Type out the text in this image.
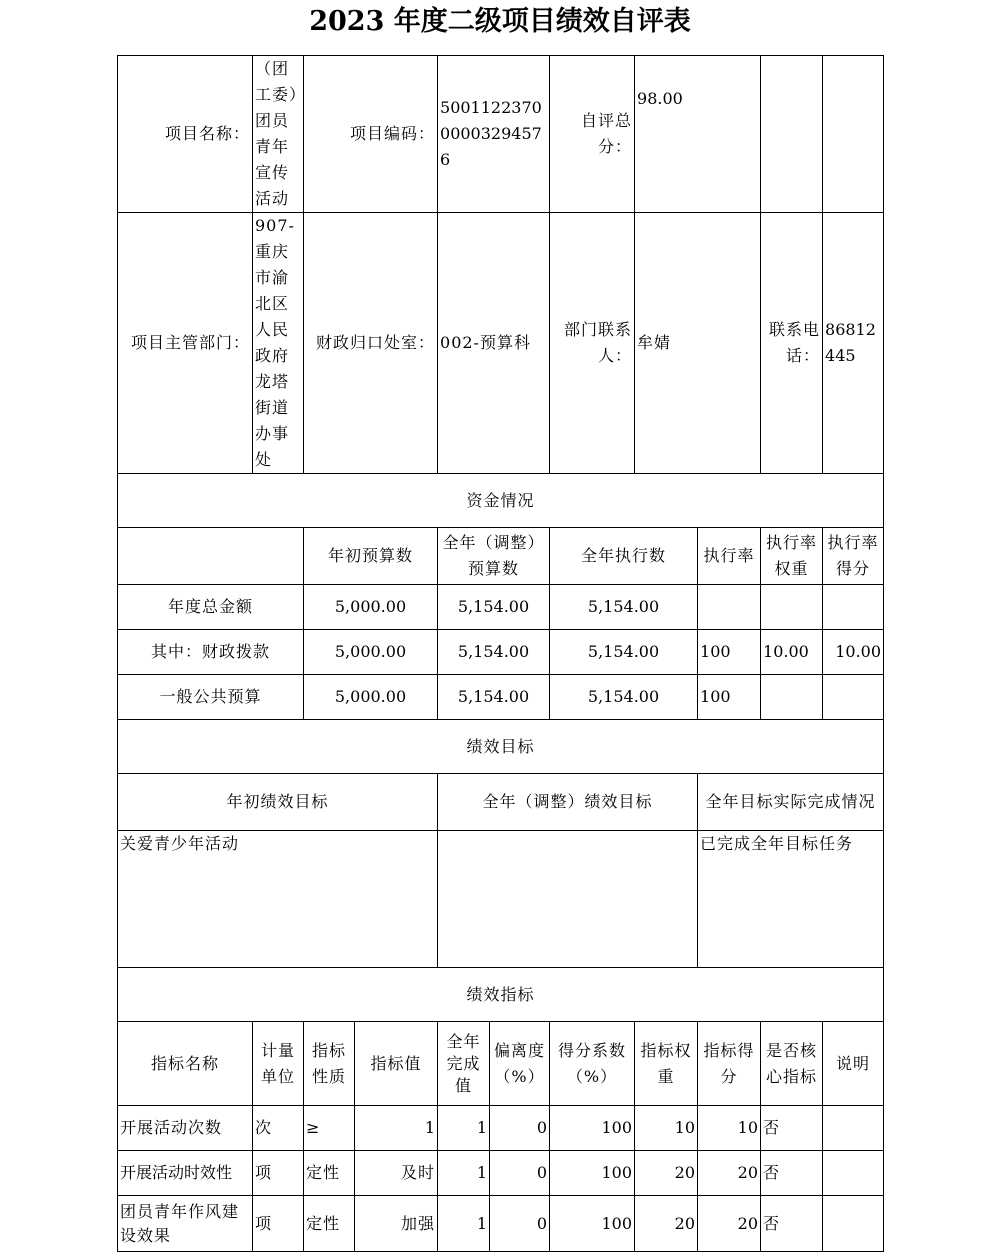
2023 年度二级项目绩效自评表
项目名称：	（团工委）团员青年宣传活动	项目编码：		500112237000003294576		自评总分：	98.00			
项目主管部门：	907-重庆市渝北区人民政府龙塔街道办事处	财政归口处室：		002-预算科		部门联系人：	牟婧		联系电话：	86812445
资金情况										
		年初预算数		全年（调整）预算数		全年执行数		执行率	执行率权重	执行率得分
年度总金额		5,000.00		5,154.00		5,154.00				
其中：财政拨款		5,000.00		5,154.00		5,154.00		100	10.00	10.00
一般公共预算		5,000.00		5,154.00		5,154.00		100		
绩效目标										
年初绩效目标				全年（调整）绩效目标				全年目标实际完成情况		
关爱青少年活动								已完成全年目标任务		
绩效指标										
指标名称	计量单位	指标性质	指标值	全年完成值	偏离度（%）	得分系数（%）	指标权重	指标得分	是否核心指标	说明
开展活动次数	次	≥	1	1	0	100	10	10	否	
开展活动时效性	项	定性	及时	1	0	100	20	20	否	
团员青年作风建设效果	项	定性	加强	1	0	100	20	20	否	
